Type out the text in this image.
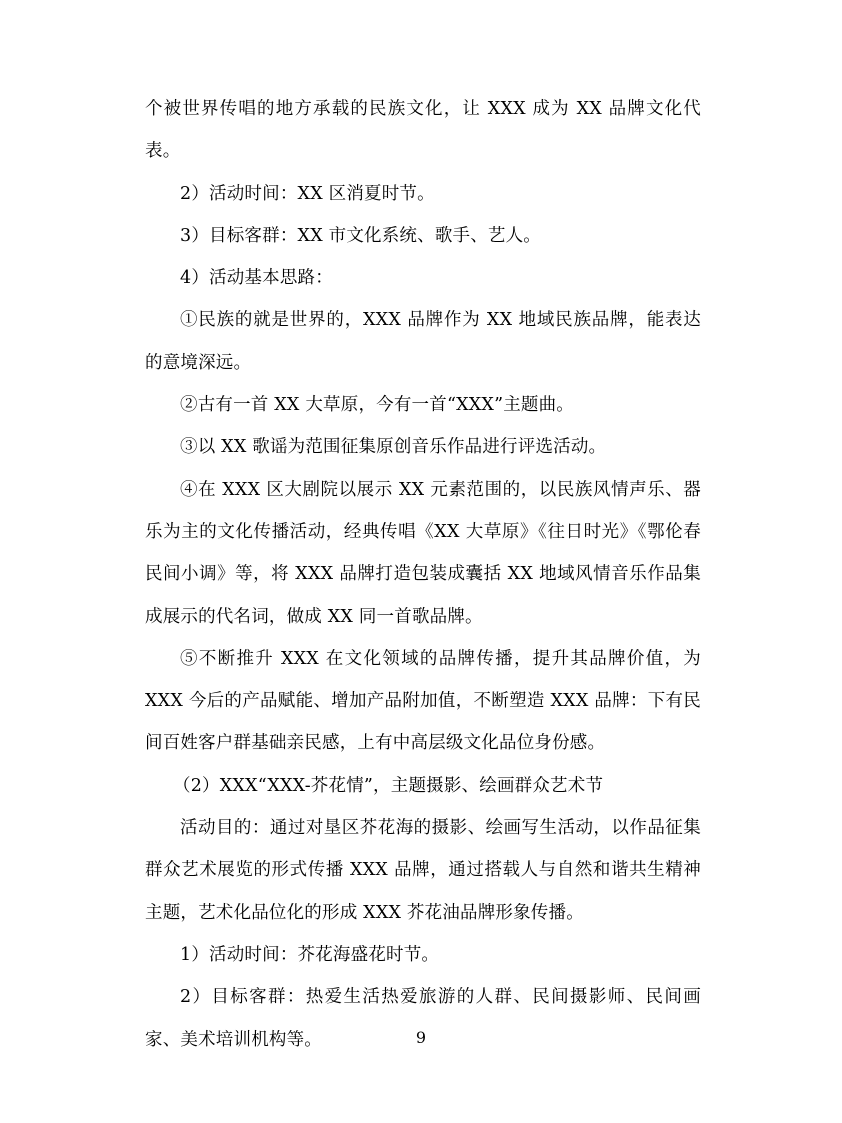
个被世界传唱的地方承载的民族文化，让 XXX 成为 XX 品牌文化代表。

2）活动时间：XX 区消夏时节。

3）目标客群：XX 市文化系统、歌手、艺人。

4）活动基本思路：

①民族的就是世界的，XXX 品牌作为 XX 地域民族品牌，能表达的意境深远。

②古有一首 XX 大草原，今有一首“XXX”主题曲。

③以 XX 歌谣为范围征集原创音乐作品进行评选活动。

④在 XXX 区大剧院以展示 XX 元素范围的，以民族风情声乐、器乐为主的文化传播活动，经典传唱《XX 大草原》《往日时光》《鄂伦春民间小调》等，将 XXX 品牌打造包装成囊括 XX 地域风情音乐作品集成展示的代名词，做成 XX 同一首歌品牌。

⑤不断推升 XXX 在文化领域的品牌传播，提升其品牌价值，为 XXX 今后的产品赋能、增加产品附加值，不断塑造 XXX 品牌：下有民间百姓客户群基础亲民感，上有中高层级文化品位身份感。

（2）XXX“XXX-芥花情”，主题摄影、绘画群众艺术节

活动目的：通过对垦区芥花海的摄影、绘画写生活动，以作品征集群众艺术展览的形式传播 XXX 品牌，通过搭载人与自然和谐共生精神主题，艺术化品位化的形成 XXX 芥花油品牌形象传播。

1）活动时间：芥花海盛花时节。

2）目标客群：热爱生活热爱旅游的人群、民间摄影师、民间画家、美术培训机构等。	9
